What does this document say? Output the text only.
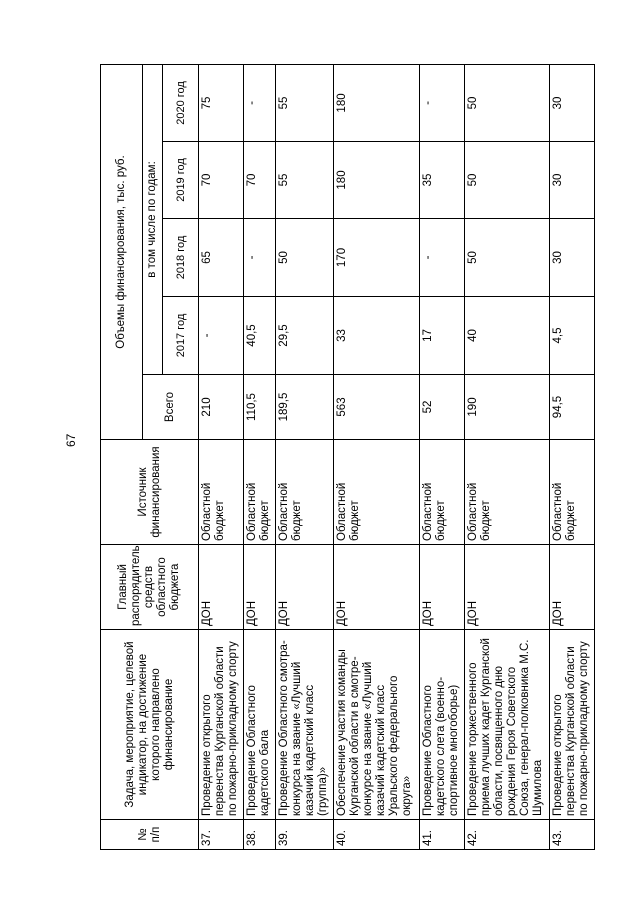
67
№ п/п	Задача, мероприятие, целевой индикатор, на достижение которого направлено финансирование	Главный распорядитель средств областного бюджета	Источник финансирования	Объемы финансирования, тыс. руб.				
				Всего	в том числе по годам:			
					2017 год	2018 год	2019 год	2020 год
37.	Проведение открытого первенства Курганской области по пожарно-прикладному спорту	ДОН	Областной бюджет	210	-	65	70	75
38.	Проведение Областного кадетского бала	ДОН	Областной бюджет	110,5	40,5	-	70	-
39.	Проведение Областного смотра-конкурса на звание «Лучший казачий кадетский класс (группа)»	ДОН	Областной бюджет	189,5	29,5	50	55	55
40.	Обеспечение участия команды Курганской области в смотре-конкурсе на звание «Лучший казачий кадетский класс Уральского федерального округа»	ДОН	Областной бюджет	563	33	170	180	180
41.	Проведение Областного кадетского слета (военно-спортивное многоборье)	ДОН	Областной бюджет	52	17	-	35	-
42.	Проведение торжественного приема лучших кадет Курганской области, посвященного дню рождения Героя Советского Союза, генерал-полковника М.С. Шумилова	ДОН	Областной бюджет	190	40	50	50	50
43.	Проведение открытого первенства Курганской области по пожарно-прикладному спорту	ДОН	Областной бюджет	94,5	4,5	30	30	30
